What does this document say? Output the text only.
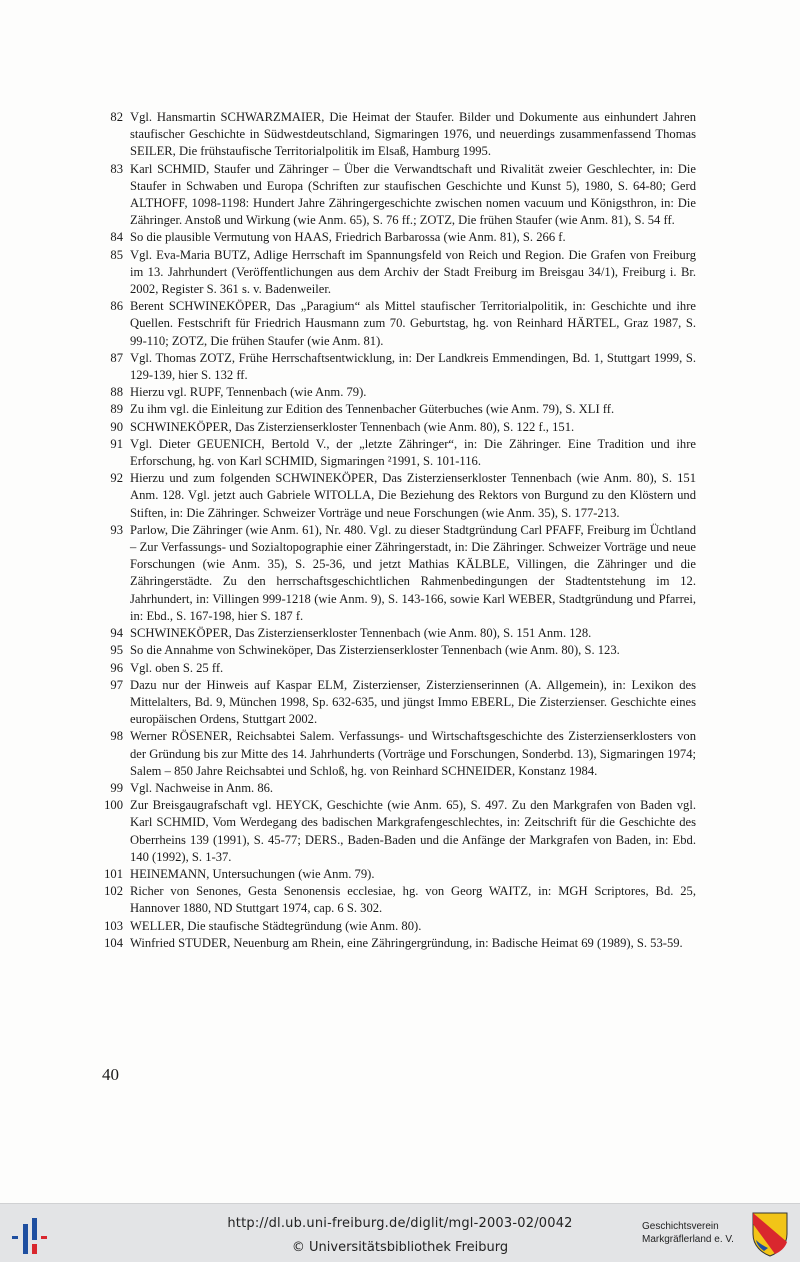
82 Vgl. Hansmartin SCHWARZMAIER, Die Heimat der Staufer. Bilder und Dokumente aus einhundert Jahren staufischer Geschichte in Südwestdeutschland, Sigmaringen 1976, und neuerdings zusammenfassend Thomas SEILER, Die frühstaufische Territorialpolitik im Elsaß, Hamburg 1995.
83 Karl SCHMID, Staufer und Zähringer – Über die Verwandtschaft und Rivalität zweier Geschlechter, in: Die Staufer in Schwaben und Europa (Schriften zur staufischen Geschichte und Kunst 5), 1980, S. 64-80; Gerd ALTHOFF, 1098-1198: Hundert Jahre Zähringergeschichte zwischen nomen vacuum und Königsthron, in: Die Zähringer. Anstoß und Wirkung (wie Anm. 65), S. 76 ff.; ZOTZ, Die frühen Staufer (wie Anm. 81), S. 54 ff.
84 So die plausible Vermutung von HAAS, Friedrich Barbarossa (wie Anm. 81), S. 266 f.
85 Vgl. Eva-Maria BUTZ, Adlige Herrschaft im Spannungsfeld von Reich und Region. Die Grafen von Freiburg im 13. Jahrhundert (Veröffentlichungen aus dem Archiv der Stadt Freiburg im Breisgau 34/1), Freiburg i. Br. 2002, Register S. 361 s. v. Badenweiler.
86 Berent SCHWINEKÖPER, Das „Paragium“ als Mittel staufischer Territorialpolitik, in: Geschichte und ihre Quellen. Festschrift für Friedrich Hausmann zum 70. Geburtstag, hg. von Reinhard HÄRTEL, Graz 1987, S. 99-110; ZOTZ, Die frühen Staufer (wie Anm. 81).
87 Vgl. Thomas ZOTZ, Frühe Herrschaftsentwicklung, in: Der Landkreis Emmendingen, Bd. 1, Stuttgart 1999, S. 129-139, hier S. 132 ff.
88 Hierzu vgl. RUPF, Tennenbach (wie Anm. 79).
89 Zu ihm vgl. die Einleitung zur Edition des Tennenbacher Güterbuches (wie Anm. 79), S. XLI ff.
90 SCHWINEKÖPER, Das Zisterzienserkloster Tennenbach (wie Anm. 80), S. 122 f., 151.
91 Vgl. Dieter GEUENICH, Bertold V., der „letzte Zähringer“, in: Die Zähringer. Eine Tradition und ihre Erforschung, hg. von Karl SCHMID, Sigmaringen ²1991, S. 101-116.
92 Hierzu und zum folgenden SCHWINEKÖPER, Das Zisterzienserkloster Tennenbach (wie Anm. 80), S. 151 Anm. 128. Vgl. jetzt auch Gabriele WITOLLA, Die Beziehung des Rektors von Burgund zu den Klöstern und Stiften, in: Die Zähringer. Schweizer Vorträge und neue Forschungen (wie Anm. 35), S. 177-213.
93 Parlow, Die Zähringer (wie Anm. 61), Nr. 480. Vgl. zu dieser Stadtgründung Carl PFAFF, Freiburg im Üchtland – Zur Verfassungs- und Sozialtopographie einer Zähringerstadt, in: Die Zähringer. Schweizer Vorträge und neue Forschungen (wie Anm. 35), S. 25-36, und jetzt Mathias KÄLBLE, Villingen, die Zähringer und die Zähringerstädte. Zu den herrschaftsgeschichtlichen Rahmenbedingungen der Stadtentstehung im 12. Jahrhundert, in: Villingen 999-1218 (wie Anm. 9), S. 143-166, sowie Karl WEBER, Stadtgründung und Pfarrei, in: Ebd., S. 167-198, hier S. 187 f.
94 SCHWINEKÖPER, Das Zisterzienserkloster Tennenbach (wie Anm. 80), S. 151 Anm. 128.
95 So die Annahme von Schwineköper, Das Zisterzienserkloster Tennenbach (wie Anm. 80), S. 123.
96 Vgl. oben S. 25 ff.
97 Dazu nur der Hinweis auf Kaspar ELM, Zisterzienser, Zisterzienserinnen (A. Allgemein), in: Lexikon des Mittelalters, Bd. 9, München 1998, Sp. 632-635, und jüngst Immo EBERL, Die Zisterzienser. Geschichte eines europäischen Ordens, Stuttgart 2002.
98 Werner RÖSENER, Reichsabtei Salem. Verfassungs- und Wirtschaftsgeschichte des Zisterzienserklosters von der Gründung bis zur Mitte des 14. Jahrhunderts (Vorträge und Forschungen, Sonderbd. 13), Sigmaringen 1974; Salem – 850 Jahre Reichsabtei und Schloß, hg. von Reinhard SCHNEIDER, Konstanz 1984.
99 Vgl. Nachweise in Anm. 86.
100 Zur Breisgaugrafschaft vgl. HEYCK, Geschichte (wie Anm. 65), S. 497. Zu den Markgrafen von Baden vgl. Karl SCHMID, Vom Werdegang des badischen Markgrafengeschlechtes, in: Zeitschrift für die Geschichte des Oberrheins 139 (1991), S. 45-77; DERS., Baden-Baden und die Anfänge der Markgrafen von Baden, in: Ebd. 140 (1992), S. 1-37.
101 HEINEMANN, Untersuchungen (wie Anm. 79).
102 Richer von Senones, Gesta Senonensis ecclesiae, hg. von Georg WAITZ, in: MGH Scriptores, Bd. 25, Hannover 1880, ND Stuttgart 1974, cap. 6 S. 302.
103 WELLER, Die staufische Städtegründung (wie Anm. 80).
104 Winfried STUDER, Neuenburg am Rhein, eine Zähringergründung, in: Badische Heimat 69 (1989), S. 53-59.
40
http://dl.ub.uni-freiburg.de/diglit/mgl-2003-02/0042
© Universitätsbibliothek Freiburg
Geschichtsverein
Markgräflerland e. V.
